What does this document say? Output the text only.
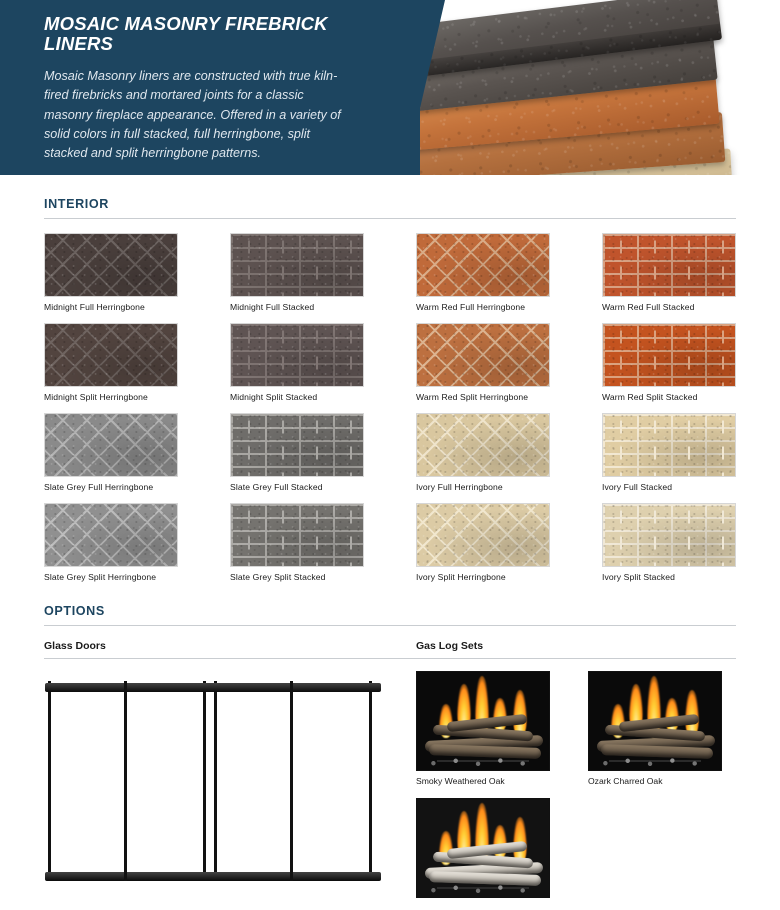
MOSAIC MASONRY FIREBRICK LINERS

Mosaic Masonry liners are constructed with true kiln-fired firebricks and mortared joints for a classic masonry fireplace appearance. Offered in a variety of solid colors in full stacked, full herringbone, split stacked and split herringbone patterns.

INTERIOR
Midnight Full Herringbone	Midnight Full Stacked	Warm Red Full Herringbone	Warm Red Full Stacked
Midnight Split Herringbone	Midnight Split Stacked	Warm Red Split Herringbone	Warm Red Split Stacked
Slate Grey Full Herringbone	Slate Grey Full Stacked	Ivory Full Herringbone	Ivory Full Stacked
Slate Grey Split Herringbone	Slate Grey Split Stacked	Ivory Split Herringbone	Ivory Split Stacked
OPTIONS
Glass Doors	Gas Log Sets
Smoky Weathered Oak	Ozark Charred Oak
